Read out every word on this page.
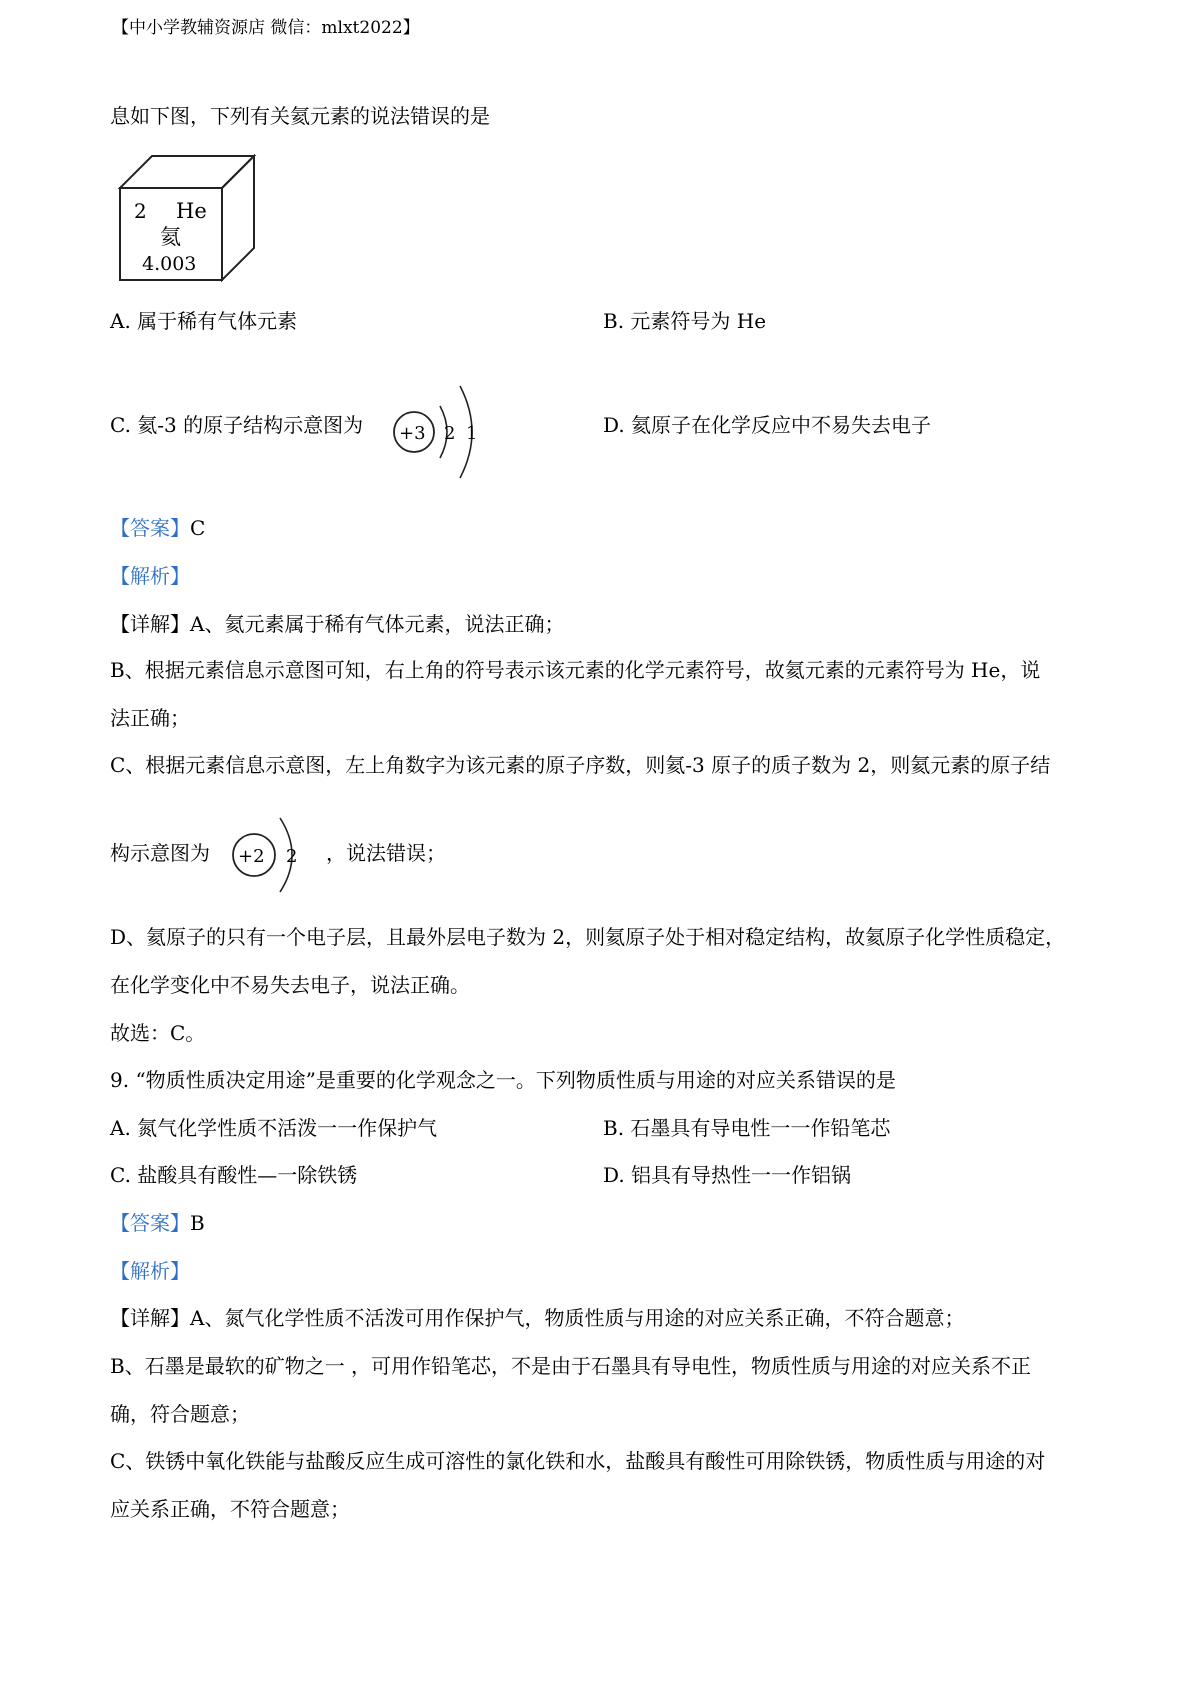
【中小学教辅资源店 微信：mlxt2022】
息如下图，下列有关氦元素的说法错误的是
2 He
氦
4.003
A. 属于稀有气体元素	B. 元素符号为 He
C. 氦-3 的原子结构示意图为 +3 2 1	D. 氦原子在化学反应中不易失去电子
【答案】C
【解析】
【详解】A、氦元素属于稀有气体元素，说法正确；
B、根据元素信息示意图可知，右上角的符号表示该元素的化学元素符号，故氦元素的元素符号为 He，说
法正确；
C、根据元素信息示意图，左上角数字为该元素的原子序数，则氦-3 原子的质子数为 2，则氦元素的原子结
构示意图为 +2 2 ，说法错误；
D、氦原子的只有一个电子层，且最外层电子数为 2，则氦原子处于相对稳定结构，故氦原子化学性质稳定，
在化学变化中不易失去电子，说法正确。
故选：C。
9. “物质性质决定用途”是重要的化学观念之一。下列物质性质与用途的对应关系错误的是
A. 氮气化学性质不活泼一一作保护气	B. 石墨具有导电性一一作铅笔芯
C. 盐酸具有酸性—一除铁锈	D. 铝具有导热性一一作铝锅
【答案】B
【解析】
【详解】A、氮气化学性质不活泼可用作保护气，物质性质与用途的对应关系正确，不符合题意；
B、石墨是最软的矿物之一 ，可用作铅笔芯，不是由于石墨具有导电性，物质性质与用途的对应关系不正
确，符合题意；
C、铁锈中氧化铁能与盐酸反应生成可溶性的氯化铁和水，盐酸具有酸性可用除铁锈，物质性质与用途的对
应关系正确，不符合题意；
